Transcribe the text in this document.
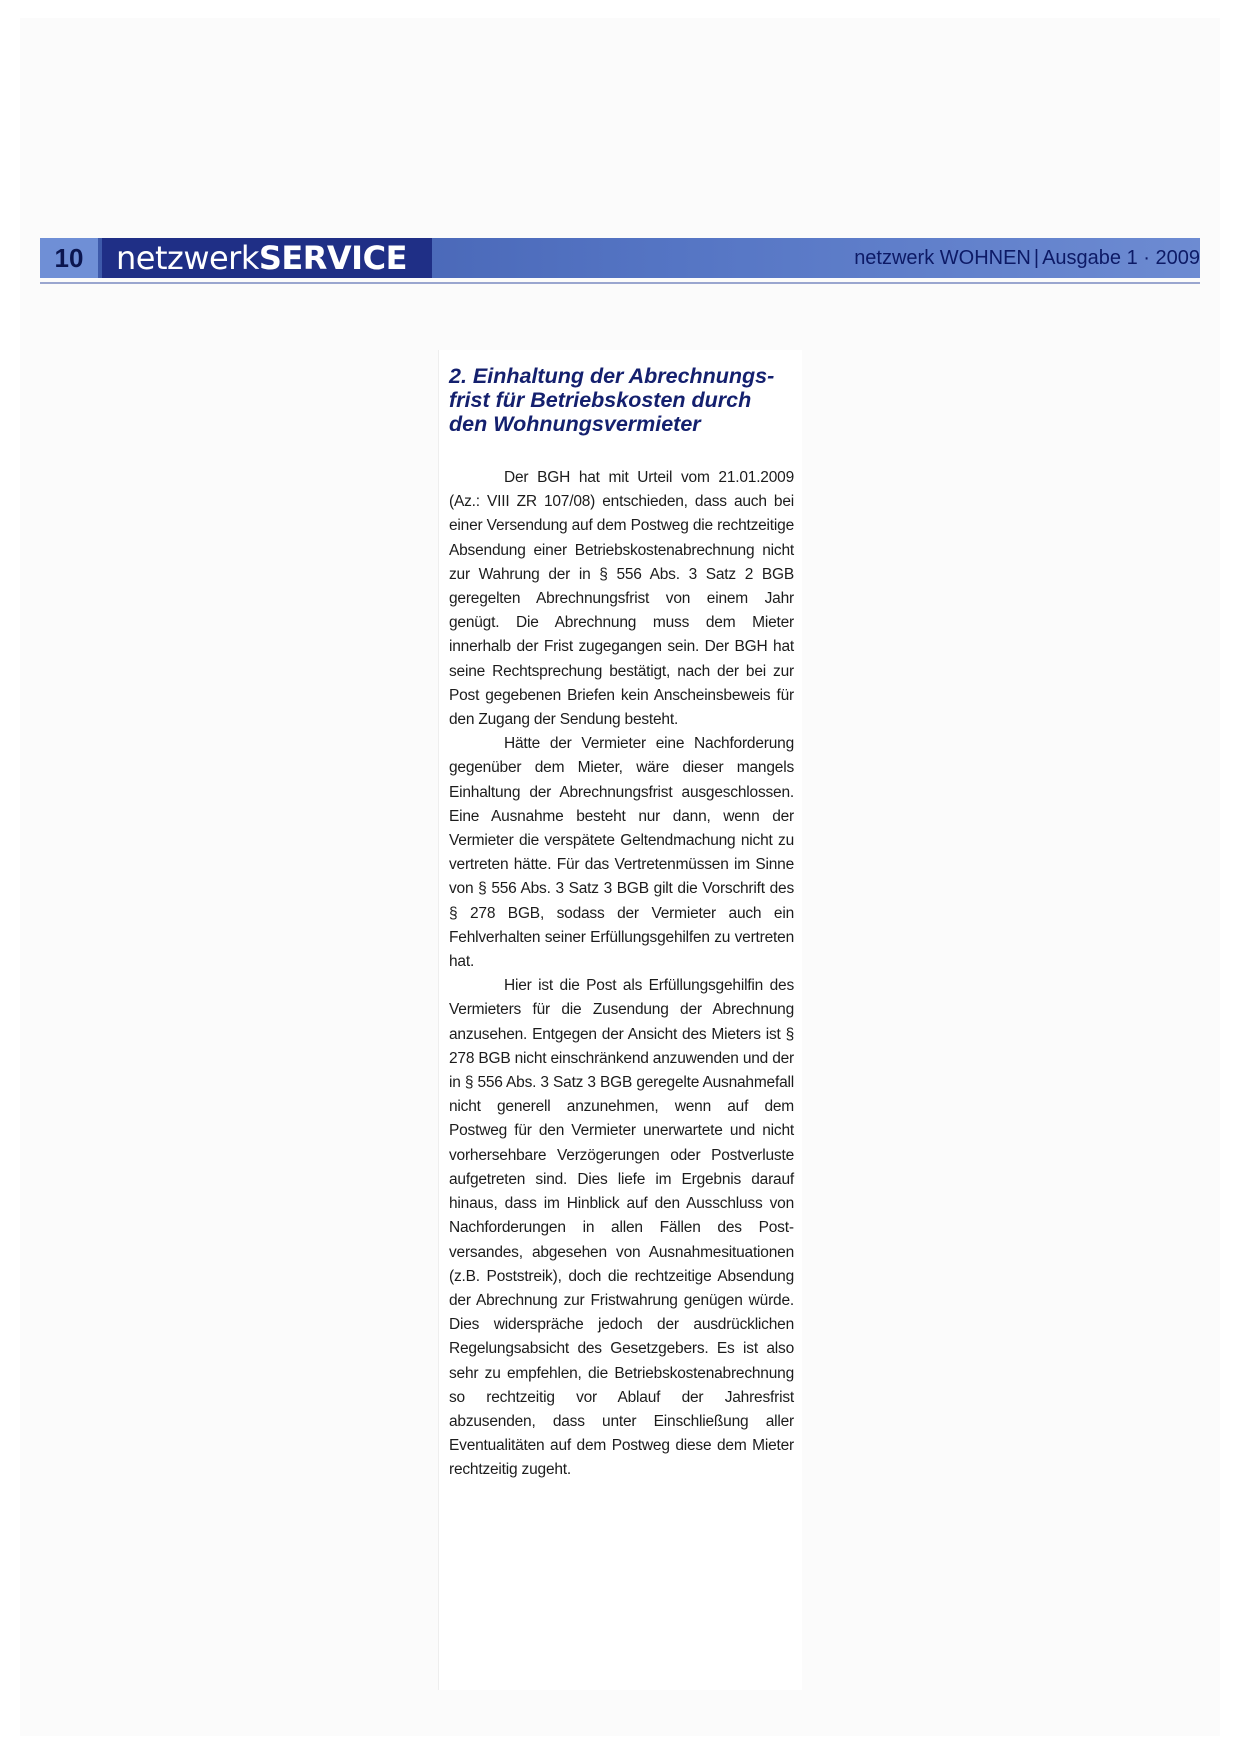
10	netzwerkSERVICE	netzwerk WOHNEN | Ausgabe 1 · 2009
2. Einhaltung der Abrechnungsfrist für Betriebskosten durch den Wohnungsvermieter

Der BGH hat mit Urteil vom 21.01.2009 (Az.: VIII ZR 107/08) entschieden, dass auch bei einer Versendung auf dem Postweg die rechtzeitige Absendung einer Betriebskostenabrechnung nicht zur Wahrung der in § 556 Abs. 3 Satz 2 BGB geregelten Abrechnungsfrist von einem Jahr genügt. Die Abrechnung muss dem Mieter innerhalb der Frist zugegangen sein. Der BGH hat seine Rechtsprechung bestätigt, nach der bei zur Post gegebenen Briefen kein Anscheinsbeweis für den Zugang der Sendung besteht.

Hätte der Vermieter eine Nachforderung gegenüber dem Mieter, wäre dieser mangels Einhaltung der Abrechnungsfrist ausgeschlossen. Eine Ausnahme besteht nur dann, wenn der Vermieter die verspätete Geltendmachung nicht zu vertreten hätte. Für das Vertretenmüssen im Sinne von § 556 Abs. 3 Satz 3 BGB gilt die Vorschrift des § 278 BGB, sodass der Vermieter auch ein Fehlverhalten seiner Erfüllungsgehilfen zu vertreten hat.

Hier ist die Post als Erfüllungsgehilfin des Vermieters für die Zusendung der Abrechnung anzusehen. Entgegen der Ansicht des Mieters ist § 278 BGB nicht einschränkend anzuwenden und der in § 556 Abs. 3 Satz 3 BGB geregelte Ausnahmefall nicht generell anzunehmen, wenn auf dem Postweg für den Vermieter unerwartete und nicht vorhersehbare Verzögerungen oder Postverluste aufgetreten sind. Dies liefe im Ergebnis darauf hinaus, dass im Hinblick auf den Ausschluss von Nachforderungen in allen Fällen des Postversandes, abgesehen von Ausnahmesituationen (z.B. Poststreik), doch die rechtzeitige Absendung der Abrechnung zur Fristwahrung genügen würde. Dies widerspräche jedoch der ausdrücklichen Regelungsabsicht des Gesetzgebers. Es ist also sehr zu empfehlen, die Betriebskostenabrechnung so rechtzeitig vor Ablauf der Jahresfrist abzusenden, dass unter Einschließung aller Eventualitäten auf dem Postweg diese dem Mieter rechtzeitig zugeht.
